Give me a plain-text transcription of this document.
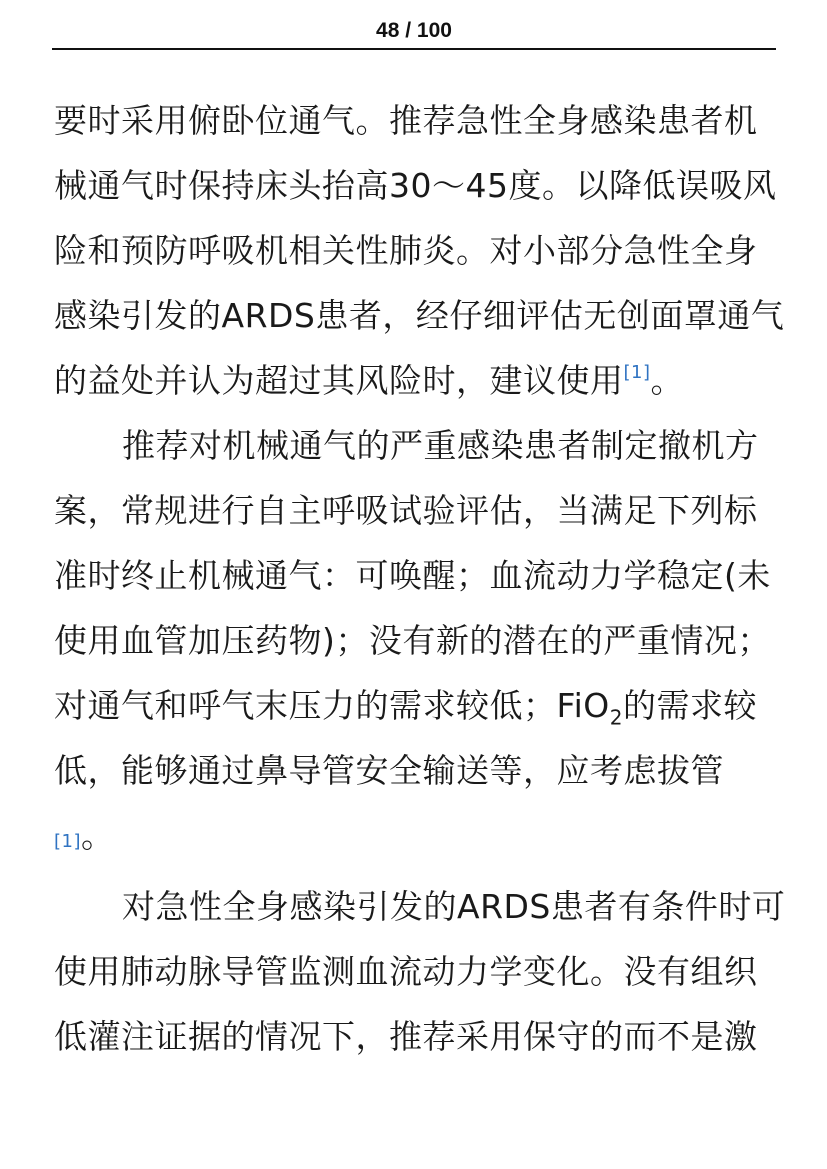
48 / 100
要时采用俯卧位通气。推荐急性全身感染患者机
械通气时保持床头抬高30～45度。以降低误吸风
险和预防呼吸机相关性肺炎。对小部分急性全身
感染引发的ARDS患者，经仔细评估无创面罩通气
的益处并认为超过其风险时，建议使用[1]。
推荐对机械通气的严重感染患者制定撤机方
案，常规进行自主呼吸试验评估，当满足下列标
准时终止机械通气：可唤醒；血流动力学稳定(未
使用血管加压药物)；没有新的潜在的严重情况；
对通气和呼气末压力的需求较低；FiO$_2$的需求较
低，能够通过鼻导管安全输送等，应考虑拔管
[1]。
对急性全身感染引发的ARDS患者有条件时可
使用肺动脉导管监测血流动力学变化。没有组织
低灌注证据的情况下，推荐采用保守的而不是激
